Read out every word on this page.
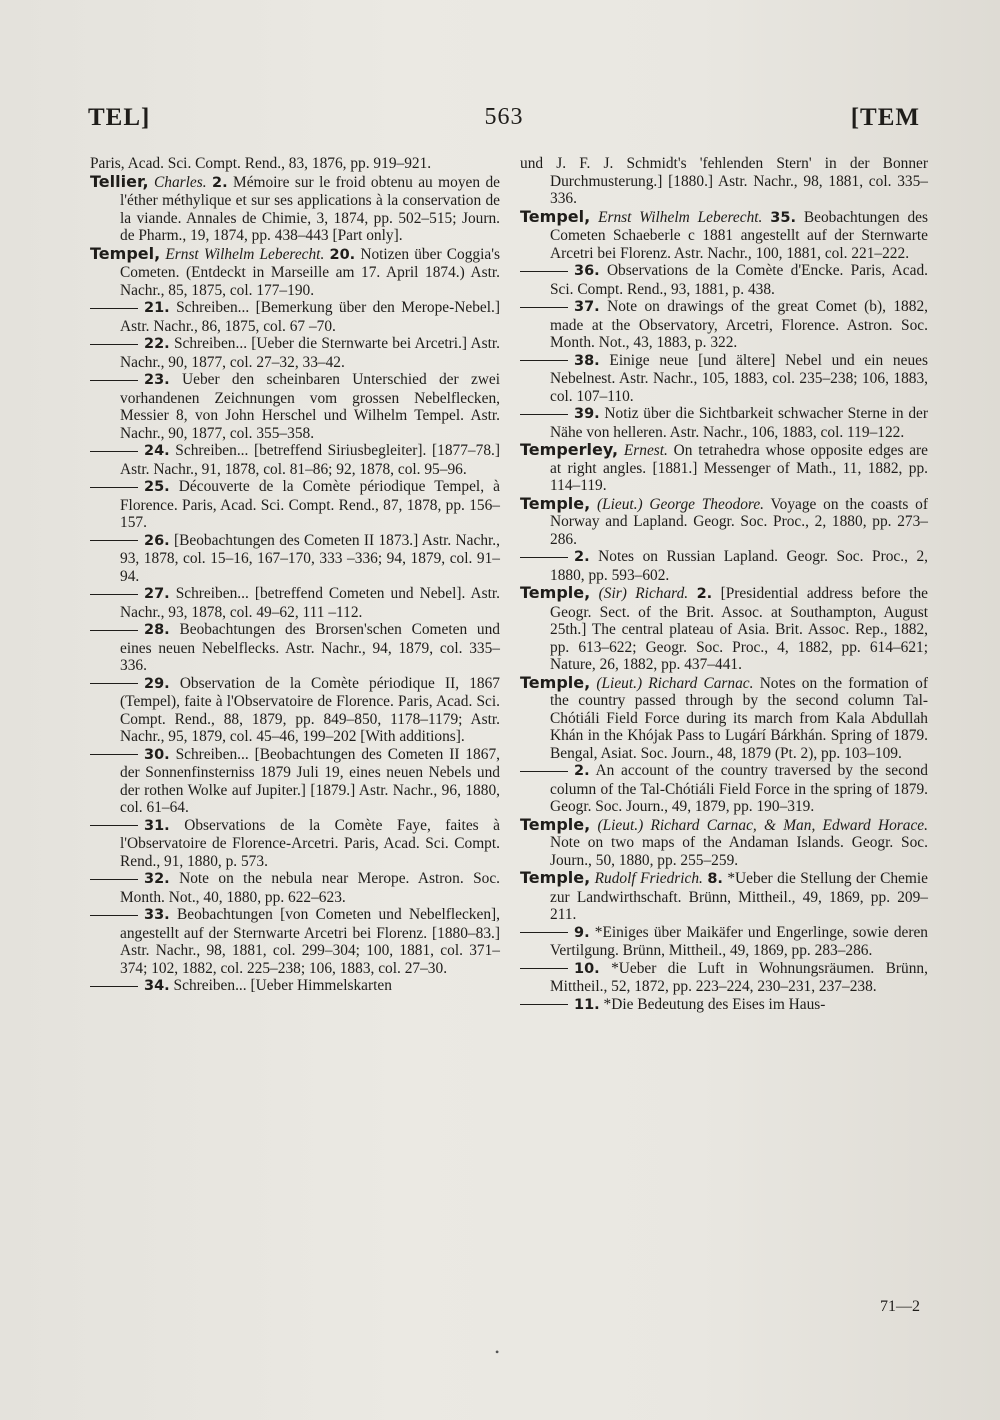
TEL]	563	[TEM

Paris, Acad. Sci. Compt. Rend., 83, 1876, pp. 919–921.

Tellier, Charles. 2. Mémoire sur le froid obtenu au moyen de l'éther méthylique et sur ses applications à la conservation de la viande. Annales de Chimie, 3, 1874, pp. 502–515; Journ. de Pharm., 19, 1874, pp. 438–443 [Part only].

Tempel, Ernst Wilhelm Leberecht. 20. Notizen über Coggia's Cometen. (Entdeckt in Marseille am 17. April 1874.) Astr. Nachr., 85, 1875, col. 177–190.

21. Schreiben... [Bemerkung über den Merope-Nebel.] Astr. Nachr., 86, 1875, col. 67 –70.

22. Schreiben... [Ueber die Sternwarte bei Arcetri.] Astr. Nachr., 90, 1877, col. 27–32, 33–42.

23. Ueber den scheinbaren Unterschied der zwei vorhandenen Zeichnungen vom grossen Nebelflecken, Messier 8, von John Herschel und Wilhelm Tempel. Astr. Nachr., 90, 1877, col. 355–358.

24. Schreiben... [betreffend Siriusbegleiter]. [1877–78.] Astr. Nachr., 91, 1878, col. 81–86; 92, 1878, col. 95–96.

25. Découverte de la Comète périodique Tempel, à Florence. Paris, Acad. Sci. Compt. Rend., 87, 1878, pp. 156–157.

26. [Beobachtungen des Cometen II 1873.] Astr. Nachr., 93, 1878, col. 15–16, 167–170, 333 –336; 94, 1879, col. 91–94.

27. Schreiben... [betreffend Cometen und Nebel]. Astr. Nachr., 93, 1878, col. 49–62, 111 –112.

28. Beobachtungen des Brorsen'schen Cometen und eines neuen Nebelflecks. Astr. Nachr., 94, 1879, col. 335–336.

29. Observation de la Comète périodique II, 1867 (Tempel), faite à l'Observatoire de Florence. Paris, Acad. Sci. Compt. Rend., 88, 1879, pp. 849–850, 1178–1179; Astr. Nachr., 95, 1879, col. 45–46, 199–202 [With additions].

30. Schreiben... [Beobachtungen des Cometen II 1867, der Sonnenfinsterniss 1879 Juli 19, eines neuen Nebels und der rothen Wolke auf Jupiter.] [1879.] Astr. Nachr., 96, 1880, col. 61–64.

31. Observations de la Comète Faye, faites à l'Observatoire de Florence-Arcetri. Paris, Acad. Sci. Compt. Rend., 91, 1880, p. 573.

32. Note on the nebula near Merope. Astron. Soc. Month. Not., 40, 1880, pp. 622–623.

33. Beobachtungen [von Cometen und Nebelflecken], angestellt auf der Sternwarte Arcetri bei Florenz. [1880–83.] Astr. Nachr., 98, 1881, col. 299–304; 100, 1881, col. 371–374; 102, 1882, col. 225–238; 106, 1883, col. 27–30.

34. Schreiben... [Ueber Himmelskarten

und J. F. J. Schmidt's 'fehlenden Stern' in der Bonner Durchmusterung.] [1880.] Astr. Nachr., 98, 1881, col. 335–336.

Tempel, Ernst Wilhelm Leberecht. 35. Beobachtungen des Cometen Schaeberle c 1881 angestellt auf der Sternwarte Arcetri bei Florenz. Astr. Nachr., 100, 1881, col. 221–222.

36. Observations de la Comète d'Encke. Paris, Acad. Sci. Compt. Rend., 93, 1881, p. 438.

37. Note on drawings of the great Comet (b), 1882, made at the Observatory, Arcetri, Florence. Astron. Soc. Month. Not., 43, 1883, p. 322.

38. Einige neue [und ältere] Nebel und ein neues Nebelnest. Astr. Nachr., 105, 1883, col. 235–238; 106, 1883, col. 107–110.

39. Notiz über die Sichtbarkeit schwacher Sterne in der Nähe von helleren. Astr. Nachr., 106, 1883, col. 119–122.

Temperley, Ernest. On tetrahedra whose opposite edges are at right angles. [1881.] Messenger of Math., 11, 1882, pp. 114–119.

Temple, (Lieut.) George Theodore. Voyage on the coasts of Norway and Lapland. Geogr. Soc. Proc., 2, 1880, pp. 273–286.

2. Notes on Russian Lapland. Geogr. Soc. Proc., 2, 1880, pp. 593–602.

Temple, (Sir) Richard. 2. [Presidential address before the Geogr. Sect. of the Brit. Assoc. at Southampton, August 25th.] The central plateau of Asia. Brit. Assoc. Rep., 1882, pp. 613–622; Geogr. Soc. Proc., 4, 1882, pp. 614–621; Nature, 26, 1882, pp. 437–441.

Temple, (Lieut.) Richard Carnac. Notes on the formation of the country passed through by the second column Tal-Chótiáli Field Force during its march from Kala Abdullah Khán in the Khójak Pass to Lugárí Bárkhán. Spring of 1879. Bengal, Asiat. Soc. Journ., 48, 1879 (Pt. 2), pp. 103–109.

2. An account of the country traversed by the second column of the Tal-Chótiáli Field Force in the spring of 1879. Geogr. Soc. Journ., 49, 1879, pp. 190–319.

Temple, (Lieut.) Richard Carnac, & Man, Edward Horace. Note on two maps of the Andaman Islands. Geogr. Soc. Journ., 50, 1880, pp. 255–259.

Temple, Rudolf Friedrich. 8. *Ueber die Stellung der Chemie zur Landwirthschaft. Brünn, Mittheil., 49, 1869, pp. 209–211.

9. *Einiges über Maikäfer und Engerlinge, sowie deren Vertilgung. Brünn, Mittheil., 49, 1869, pp. 283–286.

10. *Ueber die Luft in Wohnungsräumen. Brünn, Mittheil., 52, 1872, pp. 223–224, 230–231, 237–238.

11. *Die Bedeutung des Eises im Haus-

71—2
•
